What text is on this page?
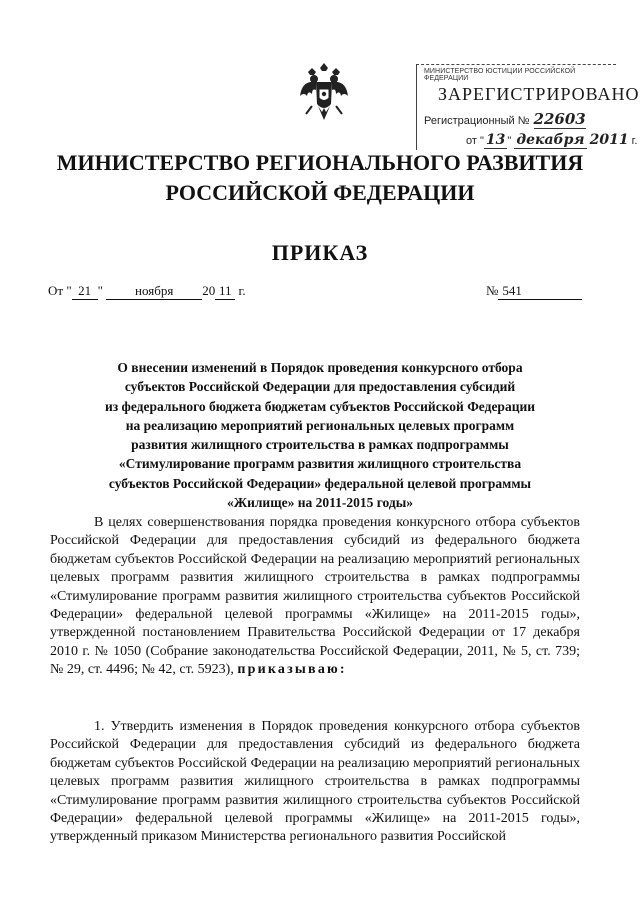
МИНИСТЕРСТВО ЮСТИЦИИ РОССИЙСКОЙ ФЕДЕРАЦИИ
ЗАРЕГИСТРИРОВАНО
Регистрационный № 22603
от " 13 " декабря 2011 г.
МИНИСТЕРСТВО РЕГИОНАЛЬНОГО РАЗВИТИЯ
РОССИЙСКОЙ ФЕДЕРАЦИИ
ПРИКАЗ
От " 21 " ноября 20 11 г.	№ 541
О внесении изменений в Порядок проведения конкурсного отбора
субъектов Российской Федерации для предоставления субсидий
из федерального бюджета бюджетам субъектов Российской Федерации
на реализацию мероприятий региональных целевых программ
развития жилищного строительства в рамках подпрограммы
«Стимулирование программ развития жилищного строительства
субъектов Российской Федерации» федеральной целевой программы
«Жилище» на 2011-2015 годы»
В целях совершенствования порядка проведения конкурсного отбора субъектов Российской Федерации для предоставления субсидий из федерального бюджета бюджетам субъектов Российской Федерации на реализацию мероприятий региональных целевых программ развития жилищного строительства в рамках подпрограммы «Стимулирование программ развития жилищного строительства субъектов Российской Федерации» федеральной целевой программы «Жилище» на 2011-2015 годы», утвержденной постановлением Правительства Российской Федерации от 17 декабря 2010 г. № 1050 (Собрание законодательства Российской Федерации, 2011, № 5, ст. 739; № 29, ст. 4496; № 42, ст. 5923), приказываю:
1. Утвердить изменения в Порядок проведения конкурсного отбора субъектов Российской Федерации для предоставления субсидий из федерального бюджета бюджетам субъектов Российской Федерации на реализацию мероприятий региональных целевых программ развития жилищного строительства в рамках подпрограммы «Стимулирование программ развития жилищного строительства субъектов Российской Федерации» федеральной целевой программы «Жилище» на 2011-2015 годы», утвержденный приказом Министерства регионального развития Российской
